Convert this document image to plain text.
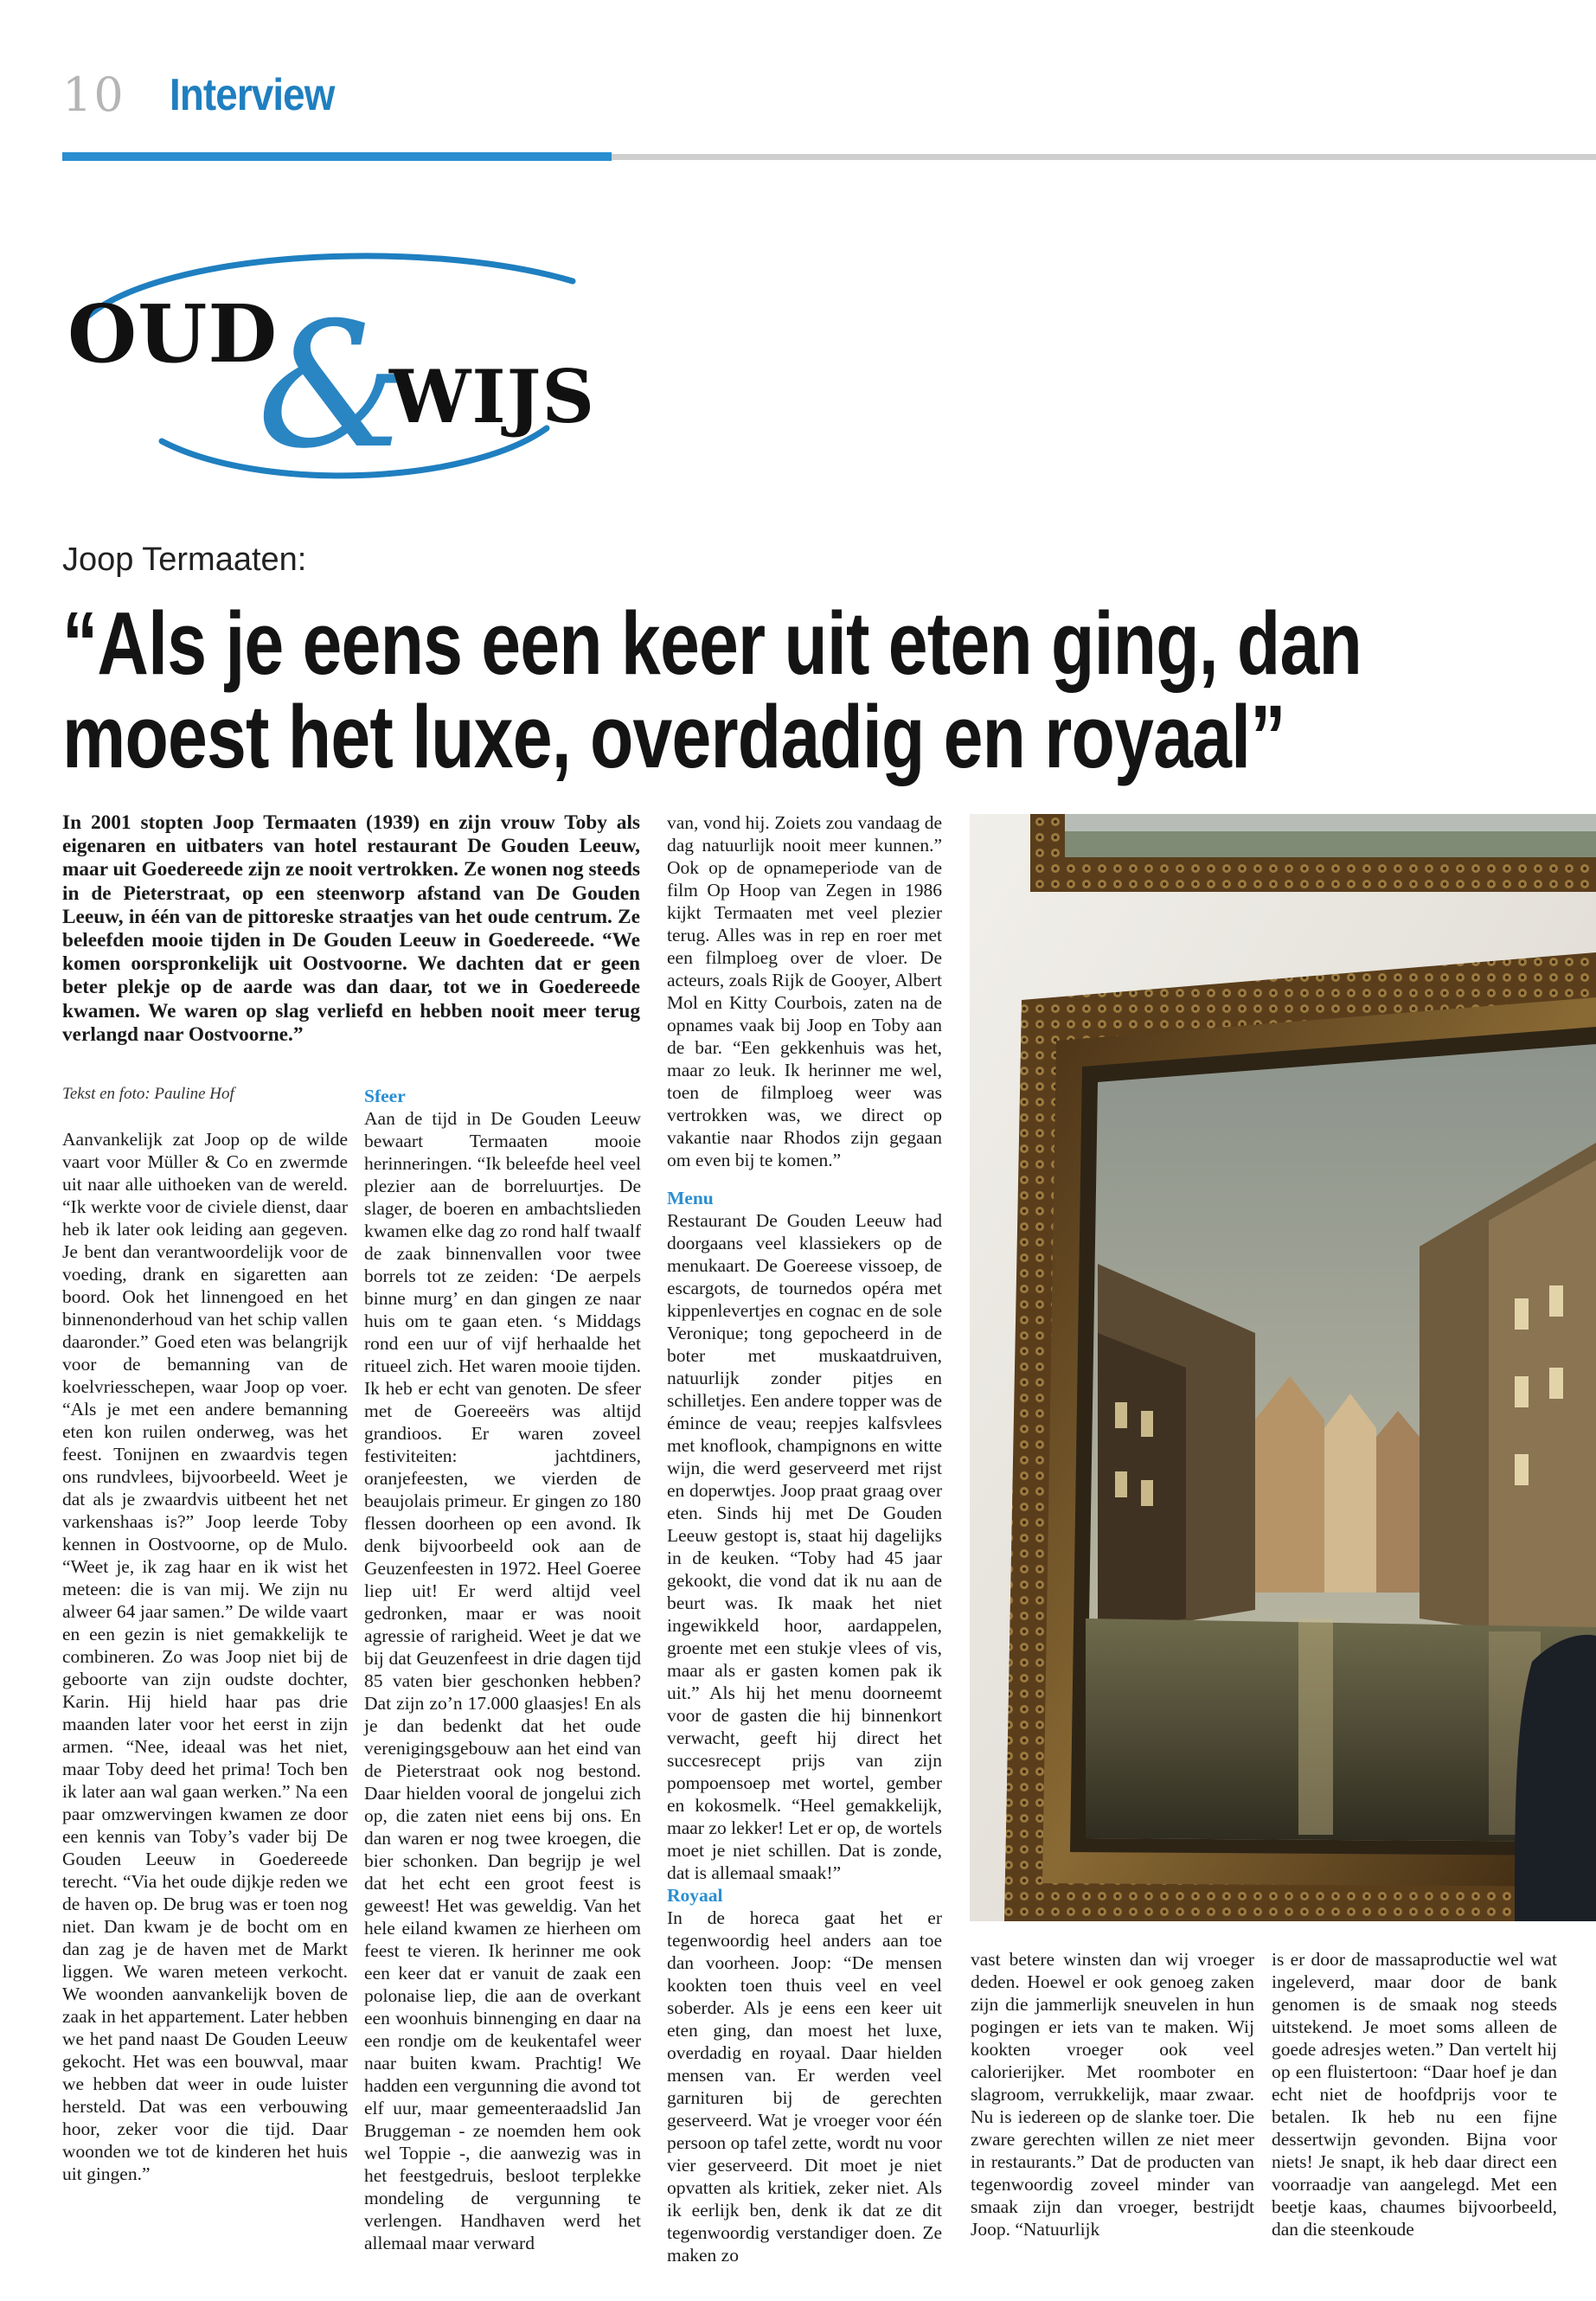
10 Interview
OUD
&
WIJS
Joop Termaaten:
“Als je eens een keer uit eten ging, dan
moest het luxe, overdadig en royaal”
In 2001 stopten Joop Termaaten (1939) en zijn vrouw Toby als eigenaren en uitbaters van hotel restaurant De Gouden Leeuw, maar uit Goedereede zijn ze nooit vertrokken. Ze wonen nog steeds in de Pieterstraat, op een steenworp afstand van De Gouden Leeuw, in één van de pittoreske straatjes van het oude centrum. Ze beleefden mooie tijden in De Gouden Leeuw in Goedereede. “We komen oorspronkelijk uit Oostvoorne. We dachten dat er geen beter plekje op de aarde was dan daar, tot we in Goedereede kwamen. We waren op slag verliefd en hebben nooit meer terug verlangd naar Oostvoorne.”
Tekst en foto: Pauline Hof

Aanvankelijk zat Joop op de wilde vaart voor Müller & Co en zwermde uit naar alle uithoeken van de wereld. “Ik werkte voor de civiele dienst, daar heb ik later ook leiding aan gegeven. Je bent dan verantwoordelijk voor de voeding, drank en sigaretten aan boord. Ook het linnengoed en het binnenonderhoud van het schip vallen daaronder.” Goed eten was belangrijk voor de bemanning van de koelvriesschepen, waar Joop op voer. “Als je met een andere bemanning eten kon ruilen onderweg, was het feest. Tonijnen en zwaardvis tegen ons rundvlees, bijvoorbeeld. Weet je dat als je zwaardvis uitbeent het net varkenshaas is?” Joop leerde Toby kennen in Oostvoorne, op de Mulo. “Weet je, ik zag haar en ik wist het meteen: die is van mij. We zijn nu alweer 64 jaar samen.” De wilde vaart en een gezin is niet gemakkelijk te combineren. Zo was Joop niet bij de geboorte van zijn oudste dochter, Karin. Hij hield haar pas drie maanden later voor het eerst in zijn armen. “Nee, ideaal was het niet, maar Toby deed het prima! Toch ben ik later aan wal gaan werken.” Na een paar omzwervingen kwamen ze door een kennis van Toby’s vader bij De Gouden Leeuw in Goedereede terecht. “Via het oude dijkje reden we de haven op. De brug was er toen nog niet. Dan kwam je de bocht om en dan zag je de haven met de Markt liggen. We waren meteen verkocht. We woonden aanvankelijk boven de zaak in het appartement. Later hebben we het pand naast De Gouden Leeuw gekocht. Het was een bouwval, maar we hebben dat weer in oude luister hersteld. Dat was een verbouwing hoor, zeker voor die tijd. Daar woonden we tot de kinderen het huis uit gingen.”

Sfeer

Aan de tijd in De Gouden Leeuw bewaart Termaaten mooie herinneringen. “Ik beleefde heel veel plezier aan de borreluurtjes. De slager, de boeren en ambachtslieden kwamen elke dag zo rond half twaalf de zaak binnenvallen voor twee borrels tot ze zeiden: ‘De aerpels binne murg’ en dan gingen ze naar huis om te gaan eten. ‘s Middags rond een uur of vijf herhaalde het ritueel zich. Het waren mooie tijden. Ik heb er echt van genoten. De sfeer met de Goereeërs was altijd grandioos. Er waren zoveel festiviteiten: jachtdiners, oranjefeesten, we vierden de beaujolais primeur. Er gingen zo 180 flessen doorheen op een avond. Ik denk bijvoorbeeld ook aan de Geuzenfeesten in 1972. Heel Goeree liep uit! Er werd altijd veel gedronken, maar er was nooit agressie of rarigheid. Weet je dat we bij dat Geuzenfeest in drie dagen tijd 85 vaten bier geschonken hebben? Dat zijn zo’n 17.000 glaasjes! En als je dan bedenkt dat het oude verenigingsgebouw aan het eind van de Pieterstraat ook nog bestond. Daar hielden vooral de jongelui zich op, die zaten niet eens bij ons. En dan waren er nog twee kroegen, die bier schonken. Dan begrijp je wel dat het echt een groot feest is geweest! Het was geweldig. Van het hele eiland kwamen ze hierheen om feest te vieren. Ik herinner me ook een keer dat er vanuit de zaak een polonaise liep, die aan de overkant een woonhuis binnenging en daar na een rondje om de keukentafel weer naar buiten kwam. Prachtig! We hadden een vergunning die avond tot elf uur, maar gemeenteraadslid Jan Bruggeman - ze noemden hem ook wel Toppie -, die aanwezig was in het feestgedruis, besloot terplekke mondeling de vergunning te verlengen. Handhaven werd het allemaal maar verward

van, vond hij. Zoiets zou vandaag de dag natuurlijk nooit meer kunnen.” Ook op de opnameperiode van de film Op Hoop van Zegen in 1986 kijkt Termaaten met veel plezier terug. Alles was in rep en roer met een filmploeg over de vloer. De acteurs, zoals Rijk de Gooyer, Albert Mol en Kitty Courbois, zaten na de opnames vaak bij Joop en Toby aan de bar. “Een gekkenhuis was het, maar zo leuk. Ik herinner me wel, toen de filmploeg weer was vertrokken was, we direct op vakantie naar Rhodos zijn gegaan om even bij te komen.”

Menu

Restaurant De Gouden Leeuw had doorgaans veel klassiekers op de menukaart. De Goereese vissoep, de escargots, de tournedos opéra met kippenlevertjes en cognac en de sole Veronique; tong gepocheerd in de boter met muskaatdruiven, natuurlijk zonder pitjes en schilletjes. Een andere topper was de émince de veau; reepjes kalfsvlees met knoflook, champignons en witte wijn, die werd geserveerd met rijst en doperwtjes. Joop praat graag over eten. Sinds hij met De Gouden Leeuw gestopt is, staat hij dagelijks in de keuken. “Toby had 45 jaar gekookt, die vond dat ik nu aan de beurt was. Ik maak het niet ingewikkeld hoor, aardappelen, groente met een stukje vlees of vis, maar als er gasten komen pak ik uit.” Als hij het menu doorneemt voor de gasten die hij binnenkort verwacht, geeft hij direct het succesrecept prijs van zijn pompoensoep met wortel, gember en kokosmelk. “Heel gemakkelijk, maar zo lekker! Let er op, de wortels moet je niet schillen. Dat is zonde, dat is allemaal smaak!”

Royaal

In de horeca gaat het er tegenwoordig heel anders aan toe dan voorheen. Joop: “De mensen kookten toen thuis veel en veel soberder. Als je eens een keer uit eten ging, dan moest het luxe, overdadig en royaal. Daar hielden mensen van. Er werden veel garnituren bij de gerechten geserveerd. Wat je vroeger voor één persoon op tafel zette, wordt nu voor vier geserveerd. Dit moet je niet opvatten als kritiek, zeker niet. Als ik eerlijk ben, denk ik dat ze dit tegenwoordig verstandiger doen. Ze maken zo

vast betere winsten dan wij vroeger deden. Hoewel er ook genoeg zaken zijn die jammerlijk sneuvelen in hun pogingen er iets van te maken. Wij kookten vroeger ook veel calorierijker. Met roomboter en slagroom, verrukkelijk, maar zwaar. Nu is iedereen op de slanke toer. Die zware gerechten willen ze niet meer in restaurants.” Dat de producten van tegenwoordig zoveel minder van smaak zijn dan vroeger, bestrijdt Joop. “Natuurlijk

is er door de massaproductie wel wat ingeleverd, maar door de bank genomen is de smaak nog steeds uitstekend. Je moet soms alleen de goede adresjes weten.” Dan vertelt hij op een fluistertoon: “Daar hoef je dan echt niet de hoofdprijs voor te betalen. Ik heb nu een fijne dessertwijn gevonden. Bijna voor niets! Je snapt, ik heb daar direct een voorraadje van aangelegd. Met een beetje kaas, chaumes bijvoorbeeld, dan die steenkoude
